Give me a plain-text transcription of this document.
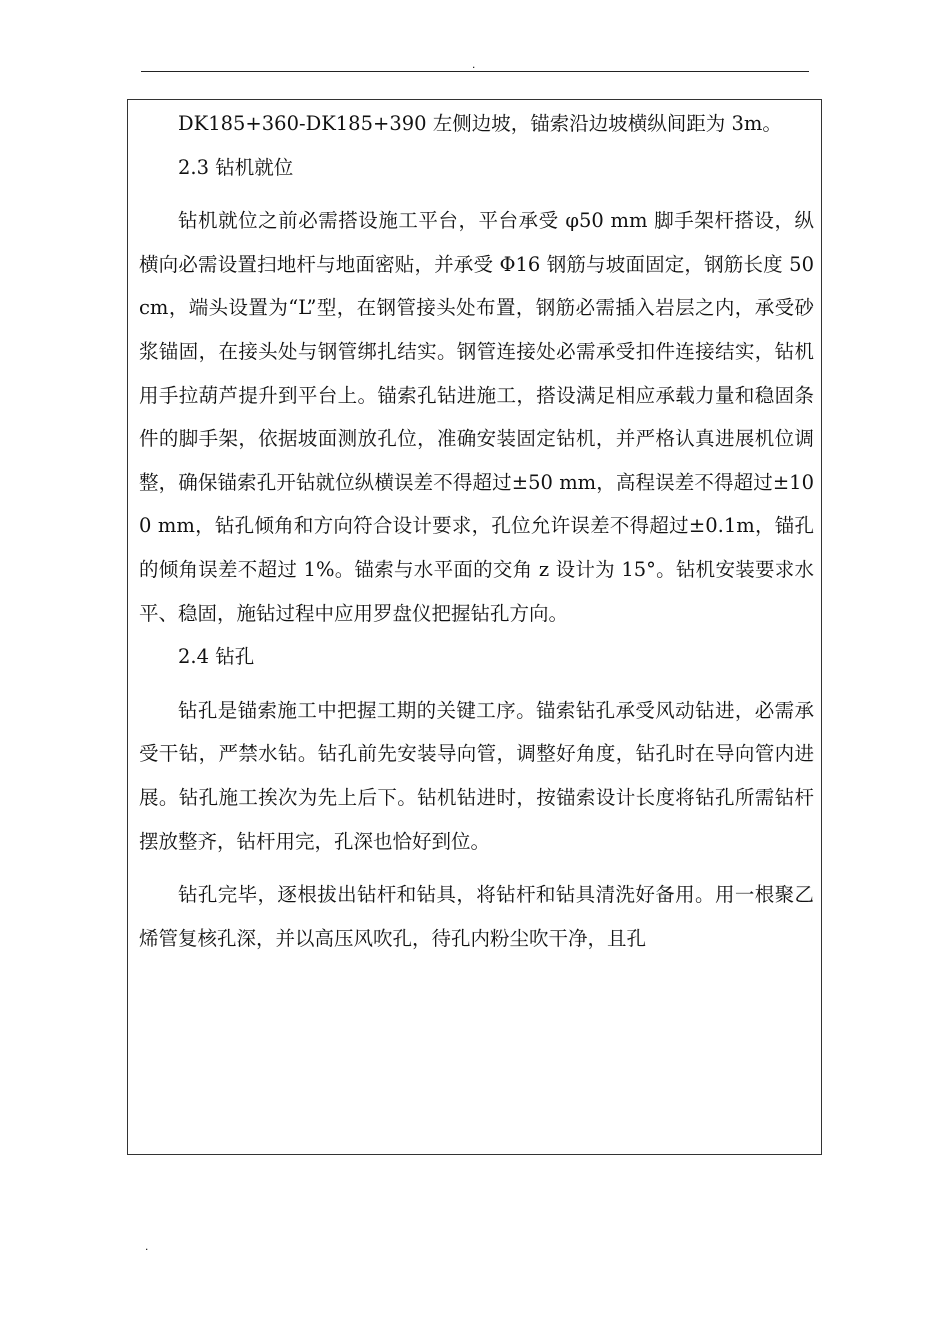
.

DK185+360-DK185+390 左侧边坡，锚索沿边坡横纵间距为 3m。

2.3 钻机就位

钻机就位之前必需搭设施工平台，平台承受 φ50 mm 脚手架杆搭设，纵横向必需设置扫地杆与地面密贴，并承受 Φ16 钢筋与坡面固定，钢筋长度 50cm，端头设置为“L”型，在钢管接头处布置，钢筋必需插入岩层之内，承受砂浆锚固，在接头处与钢管绑扎结实。钢管连接处必需承受扣件连接结实，钻机用手拉葫芦提升到平台上。锚索孔钻进施工，搭设满足相应承载力量和稳固条件的脚手架，依据坡面测放孔位，准确安装固定钻机，并严格认真进展机位调整，确保锚索孔开钻就位纵横误差不得超过±50 mm，高程误差不得超过±100 mm，钻孔倾角和方向符合设计要求，孔位允许误差不得超过±0.1m，锚孔的倾角误差不超过 1%。锚索与水平面的交角 z 设计为 15°。钻机安装要求水平、稳固，施钻过程中应用罗盘仪把握钻孔方向。

2.4 钻孔

钻孔是锚索施工中把握工期的关键工序。锚索钻孔承受风动钻进，必需承受干钻，严禁水钻。钻孔前先安装导向管，调整好角度，钻孔时在导向管内进展。钻孔施工挨次为先上后下。钻机钻进时，按锚索设计长度将钻孔所需钻杆摆放整齐，钻杆用完，孔深也恰好到位。

钻孔完毕，逐根拔出钻杆和钻具，将钻杆和钻具清洗好备用。用一根聚乙烯管复核孔深，并以高压风吹孔，待孔内粉尘吹干净，且孔

.
